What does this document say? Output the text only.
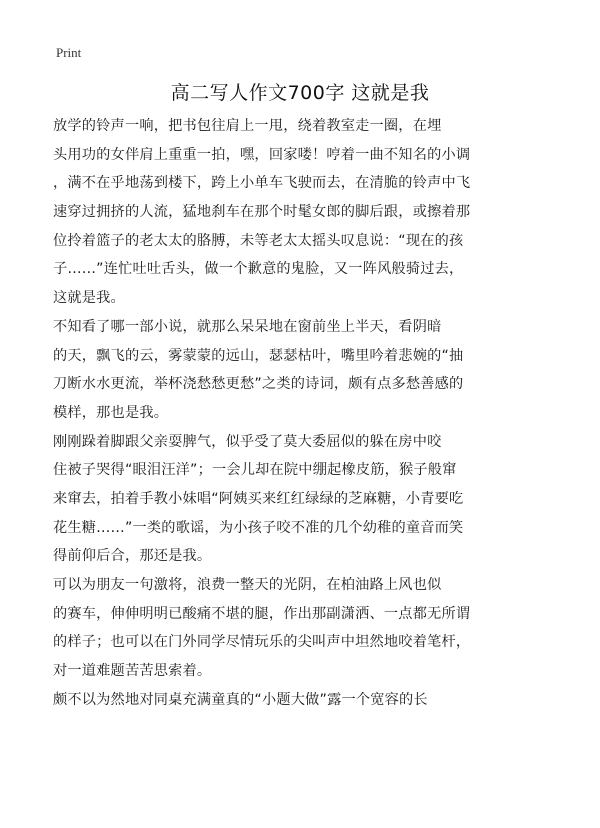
Print
高二写人作文700字 这就是我
放学的铃声一响，把书包往肩上一甩，绕着教室走一圈，在埋
头用功的女伴肩上重重一拍，嘿，回家喽！哼着一曲不知名的小调
，满不在乎地荡到楼下，跨上小单车飞驶而去，在清脆的铃声中飞
速穿过拥挤的人流，猛地刹车在那个时髦女郎的脚后跟，或擦着那
位拎着篮子的老太太的胳膊，未等老太太摇头叹息说：“现在的孩
子……”连忙吐吐舌头，做一个歉意的鬼脸，又一阵风般骑过去，
这就是我。
不知看了哪一部小说，就那么呆呆地在窗前坐上半天，看阴暗
的天，飘飞的云，雾蒙蒙的远山，瑟瑟枯叶，嘴里吟着悲婉的“抽
刀断水水更流，举杯浇愁愁更愁”之类的诗词，颇有点多愁善感的
模样，那也是我。
刚刚跺着脚跟父亲耍脾气，似乎受了莫大委屈似的躲在房中咬
住被子哭得“眼泪汪洋”；一会儿却在院中绷起橡皮筋，猴子般窜
来窜去，拍着手教小妹唱“阿姨买来红红绿绿的芝麻糖，小青要吃
花生糖……”一类的歌谣，为小孩子咬不准的几个幼稚的童音而笑
得前仰后合，那还是我。
可以为朋友一句激将，浪费一整天的光阴，在柏油路上风也似
的赛车，伸伸明明已酸痛不堪的腿，作出那副潇洒、一点都无所谓
的样子；也可以在门外同学尽情玩乐的尖叫声中坦然地咬着笔杆，
对一道难题苦苦思索着。
颇不以为然地对同桌充满童真的“小题大做”露一个宽容的长
